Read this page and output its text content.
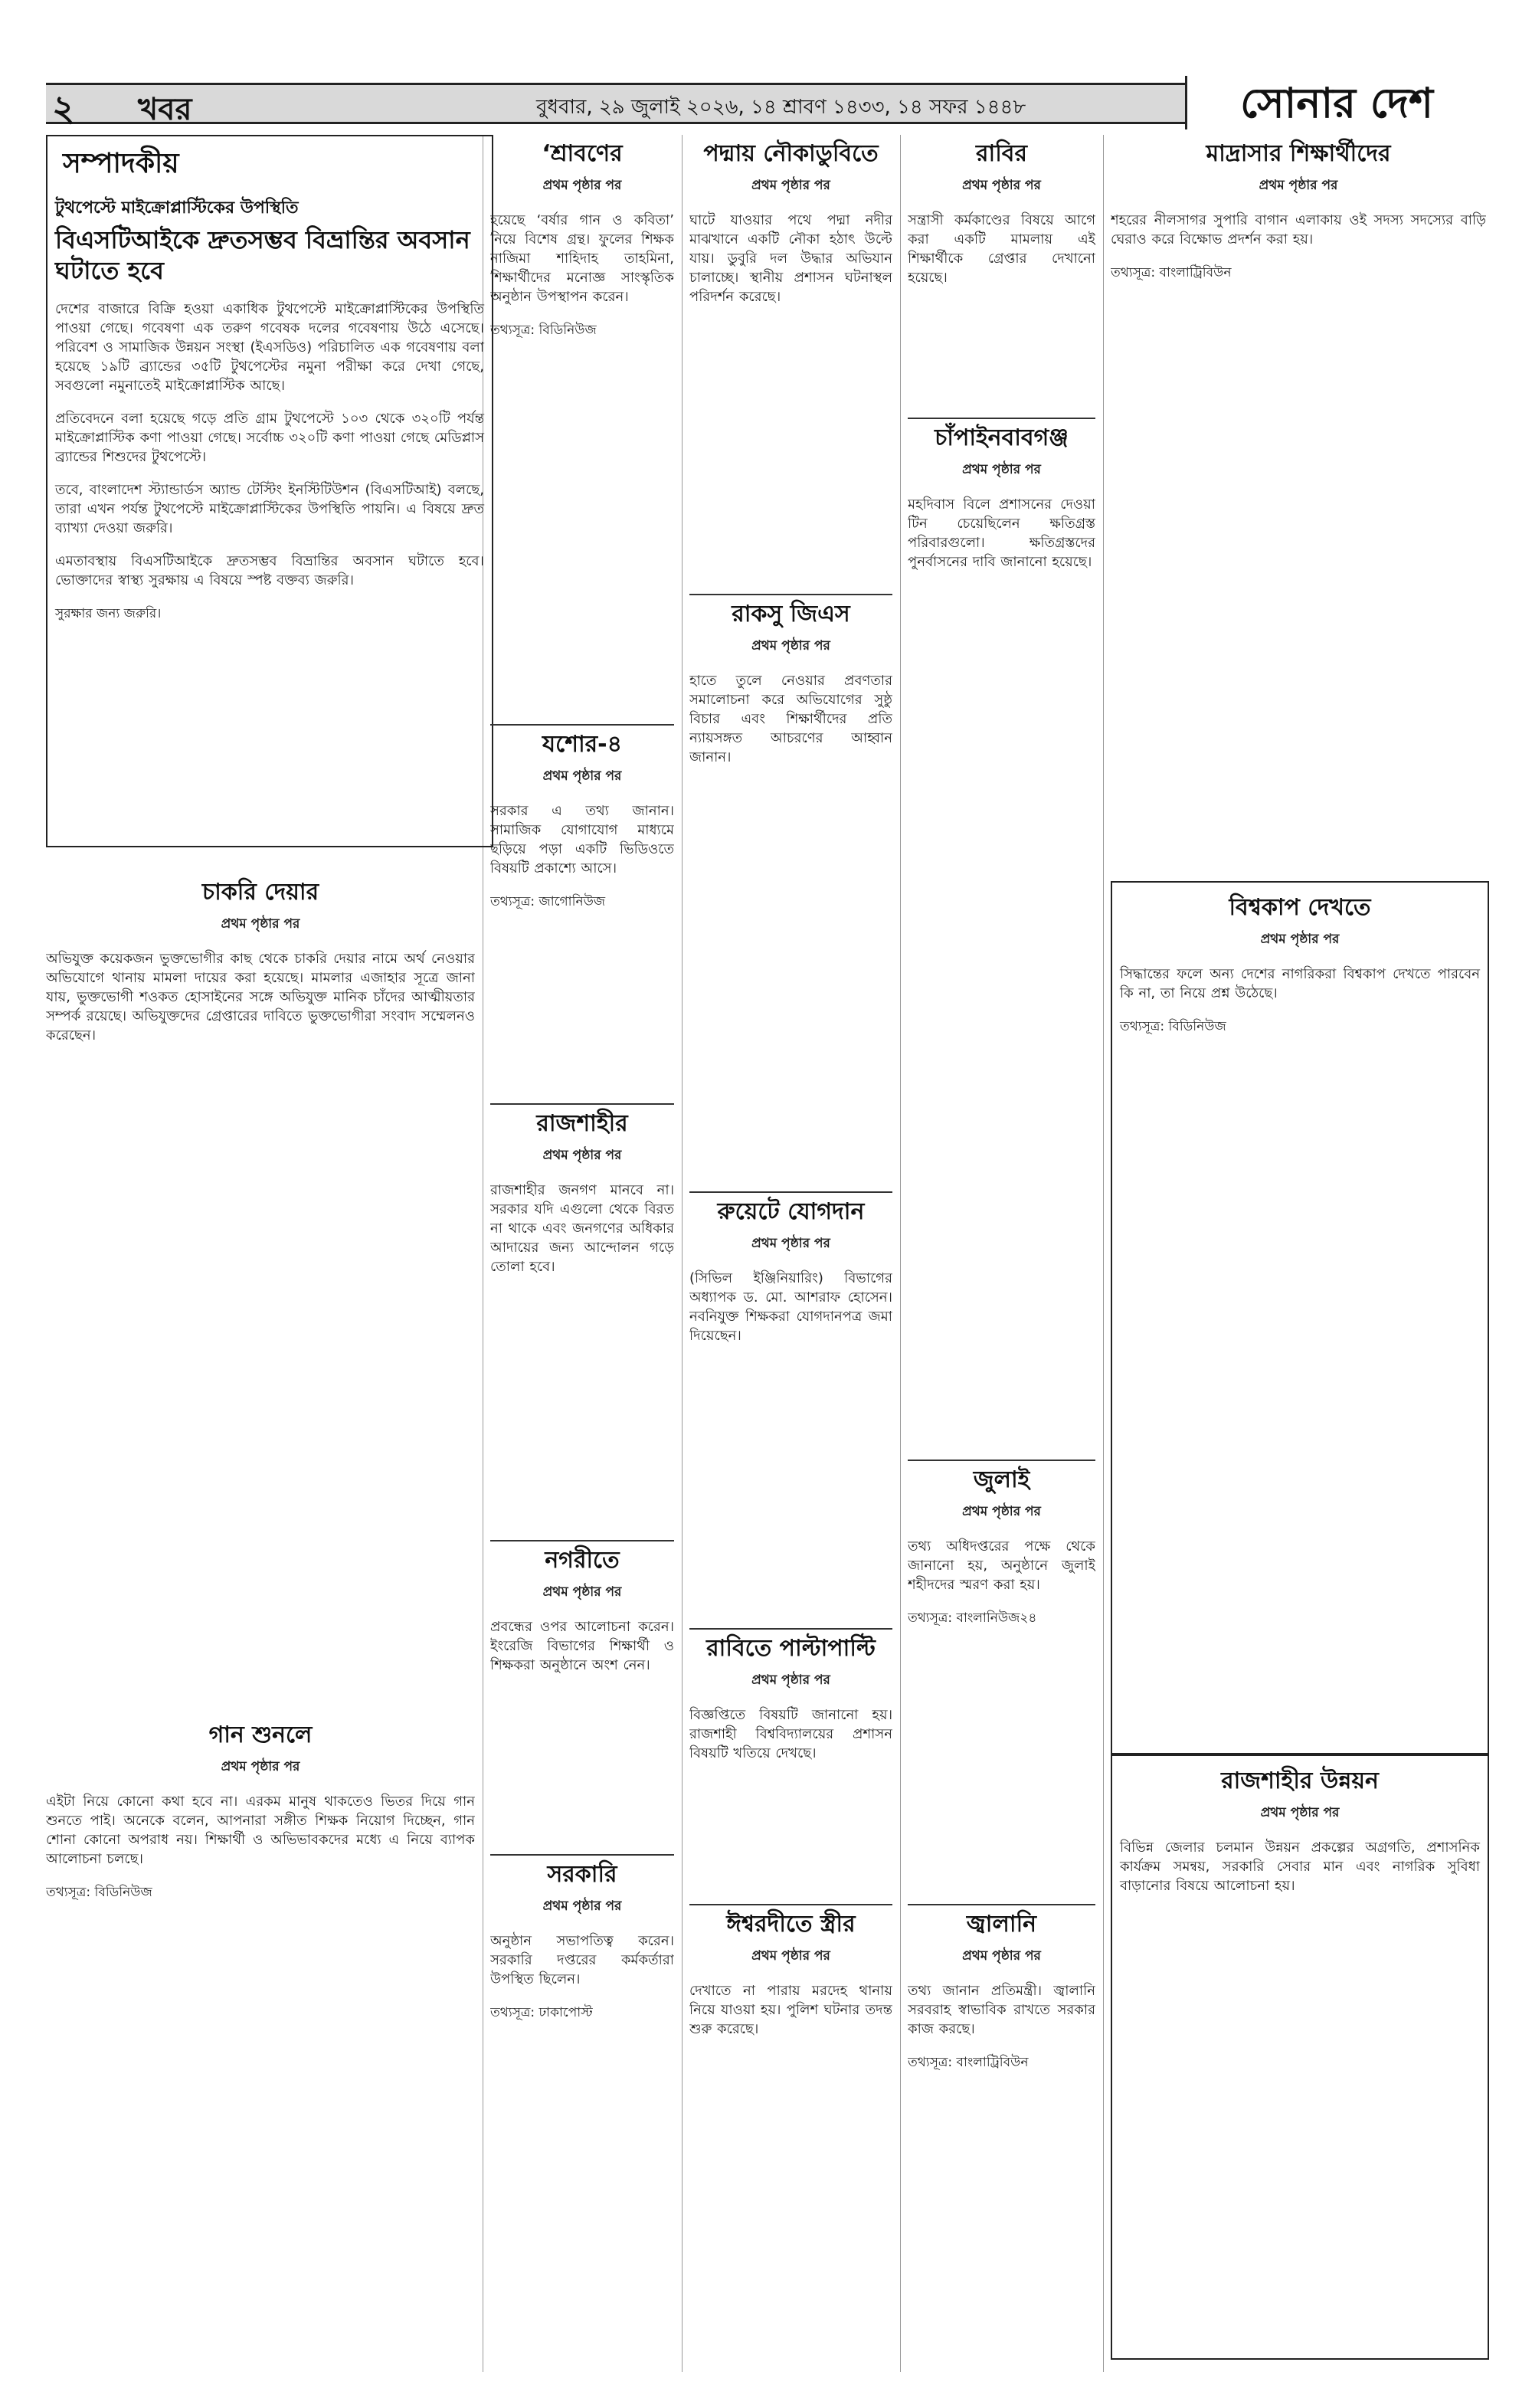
২ খবর	বুধবার, ২৯ জুলাই ২০২৬, ১৪ শ্রাবণ ১৪৩৩, ১৪ সফর ১৪৪৮	সোনার দেশ
সম্পাদকীয়
টুথপেস্টে মাইক্রোপ্লাস্টিকের উপস্থিতি
বিএসটিআইকে দ্রুতসম্ভব বিভ্রান্তির অবসান ঘটাতে হবে

দেশের বাজারে বিক্রি হওয়া একাধিক টুথপেস্টে মাইক্রোপ্লাস্টিকের উপস্থিতি পাওয়া গেছে। গবেষণা এক তরুণ গবেষক দলের গবেষণায় উঠে এসেছে। পরিবেশ ও সামাজিক উন্নয়ন সংস্থা (ইএসডিও) পরিচালিত এক গবেষণায় বলা হয়েছে ১৯টি ব্র্যান্ডের ৩৫টি টুথপেস্টের নমুনা পরীক্ষা করে দেখা গেছে, সবগুলো নমুনাতেই মাইক্রোপ্লাস্টিক আছে।

প্রতিবেদনে বলা হয়েছে গড়ে প্রতি গ্রাম টুথপেস্টে ১০৩ থেকে ৩২০টি পর্যন্ত মাইক্রোপ্লাস্টিক কণা পাওয়া গেছে। সর্বোচ্চ ৩২০টি কণা পাওয়া গেছে মেডিপ্লাস ব্র্যান্ডের শিশুদের টুথপেস্টে।

তবে, বাংলাদেশ স্ট্যান্ডার্ডস অ্যান্ড টেস্টিং ইনস্টিটিউশন (বিএসটিআই) বলছে, তারা এখন পর্যন্ত টুথপেস্টে মাইক্রোপ্লাস্টিকের উপস্থিতি পায়নি। এ বিষয়ে দ্রুত ব্যাখ্যা দেওয়া জরুরি।

এমতাবস্থায় বিএসটিআইকে দ্রুতসম্ভব বিভ্রান্তির অবসান ঘটাতে হবে। ভোক্তাদের স্বাস্থ্য সুরক্ষায় এ বিষয়ে স্পষ্ট বক্তব্য জরুরি।

সুরক্ষার জন্য জরুরি।
চাকরি দেয়ার
প্রথম পৃষ্ঠার পর

অভিযুক্ত কয়েকজন ভুক্তভোগীর কাছ থেকে চাকরি দেয়ার নামে অর্থ নেওয়ার অভিযোগে থানায় মামলা দায়ের করা হয়েছে। মামলার এজাহার সূত্রে জানা যায়, ভুক্তভোগী শওকত হোসাইনের সঙ্গে অভিযুক্ত মানিক চাঁদের আত্মীয়তার সম্পর্ক রয়েছে। অভিযুক্তদের গ্রেপ্তারের দাবিতে ভুক্তভোগীরা সংবাদ সম্মেলনও করেছেন।

গান শুনলে
প্রথম পৃষ্ঠার পর

এইটা নিয়ে কোনো কথা হবে না। এরকম মানুষ থাকতেও ভিতর দিয়ে গান শুনতে পাই। অনেকে বলেন, আপনারা সঙ্গীত শিক্ষক নিয়োগ দিচ্ছেন, গান শোনা কোনো অপরাধ নয়। শিক্ষার্থী ও অভিভাবকদের মধ্যে এ নিয়ে ব্যাপক আলোচনা চলছে।

তথ্যসূত্র: বিডিনিউজ
‘শ্রাবণের
প্রথম পৃষ্ঠার পর

হয়েছে ‘বর্ষার গান ও কবিতা’ নিয়ে বিশেষ গ্রন্থ। ফুলের শিক্ষক নাজিমা শাহিদাহ তাহমিনা, শিক্ষার্থীদের মনোজ্ঞ সাংস্কৃতিক অনুষ্ঠান উপস্থাপন করেন।

তথ্যসূত্র: বিডিনিউজ
যশোর-৪
প্রথম পৃষ্ঠার পর

সরকার এ তথ্য জানান। সামাজিক যোগাযোগ মাধ্যমে ছড়িয়ে পড়া একটি ভিডিওতে বিষয়টি প্রকাশ্যে আসে।

তথ্যসূত্র: জাগোনিউজ
রাজশাহীর
প্রথম পৃষ্ঠার পর

রাজশাহীর জনগণ মানবে না। সরকার যদি এগুলো থেকে বিরত না থাকে এবং জনগণের অধিকার আদায়ের জন্য আন্দোলন গড়ে তোলা হবে।

নগরীতে
প্রথম পৃষ্ঠার পর

প্রবন্ধের ওপর আলোচনা করেন। ইংরেজি বিভাগের শিক্ষার্থী ও শিক্ষকরা অনুষ্ঠানে অংশ নেন।

সরকারি
প্রথম পৃষ্ঠার পর

অনুষ্ঠান সভাপতিত্ব করেন। সরকারি দপ্তরের কর্মকর্তারা উপস্থিত ছিলেন।

তথ্যসূত্র: ঢাকাপোস্ট
পদ্মায় নৌকাডুবিতে
প্রথম পৃষ্ঠার পর

ঘাটে যাওয়ার পথে পদ্মা নদীর মাঝখানে একটি নৌকা হঠাৎ উল্টে যায়। ডুবুরি দল উদ্ধার অভিযান চালাচ্ছে। স্থানীয় প্রশাসন ঘটনাস্থল পরিদর্শন করেছে।

রাকসু জিএস
প্রথম পৃষ্ঠার পর

হাতে তুলে নেওয়ার প্রবণতার সমালোচনা করে অভিযোগের সুষ্ঠু বিচার এবং শিক্ষার্থীদের প্রতি ন্যায়সঙ্গত আচরণের আহ্বান জানান।

রুয়েটে যোগদান
প্রথম পৃষ্ঠার পর

(সিভিল ইঞ্জিনিয়ারিং) বিভাগের অধ্যাপক ড. মো. আশরাফ হোসেন। নবনিযুক্ত শিক্ষকরা যোগদানপত্র জমা দিয়েছেন।

রাবিতে পাল্টাপাল্টি
প্রথম পৃষ্ঠার পর

বিজ্ঞপ্তিতে বিষয়টি জানানো হয়। রাজশাহী বিশ্ববিদ্যালয়ের প্রশাসন বিষয়টি খতিয়ে দেখছে।

ঈশ্বরদীতে স্ত্রীর
প্রথম পৃষ্ঠার পর

দেখাতে না পারায় মরদেহ থানায় নিয়ে যাওয়া হয়। পুলিশ ঘটনার তদন্ত শুরু করেছে।

রাবির
প্রথম পৃষ্ঠার পর

সন্ত্রাসী কর্মকাণ্ডের বিষয়ে আগে করা একটি মামলায় এই শিক্ষার্থীকে গ্রেপ্তার দেখানো হয়েছে।

চাঁপাইনবাবগঞ্জ
প্রথম পৃষ্ঠার পর

মহদিবাস বিলে প্রশাসনের দেওয়া টিন চেয়েছিলেন ক্ষতিগ্রস্ত পরিবারগুলো। ক্ষতিগ্রস্তদের পুনর্বাসনের দাবি জানানো হয়েছে।

জুলাই
প্রথম পৃষ্ঠার পর

তথ্য অধিদপ্তরের পক্ষে থেকে জানানো হয়, অনুষ্ঠানে জুলাই শহীদদের স্মরণ করা হয়।

তথ্যসূত্র: বাংলানিউজ২৪
জ্বালানি
প্রথম পৃষ্ঠার পর

তথ্য জানান প্রতিমন্ত্রী। জ্বালানি সরবরাহ স্বাভাবিক রাখতে সরকার কাজ করছে।

তথ্যসূত্র: বাংলাট্রিবিউন
মাদ্রাসার শিক্ষার্থীদের
প্রথম পৃষ্ঠার পর

শহরের নীলসাগর সুপারি বাগান এলাকায় ওই সদস্য সদস্যের বাড়ি ঘেরাও করে বিক্ষোভ প্রদর্শন করা হয়।

তথ্যসূত্র: বাংলাট্রিবিউন
বিশ্বকাপ দেখতে
প্রথম পৃষ্ঠার পর

সিদ্ধান্তের ফলে অন্য দেশের নাগরিকরা বিশ্বকাপ দেখতে পারবেন কি না, তা নিয়ে প্রশ্ন উঠেছে।

তথ্যসূত্র: বিডিনিউজ
রাজশাহীর উন্নয়ন
প্রথম পৃষ্ঠার পর

বিভিন্ন জেলার চলমান উন্নয়ন প্রকল্পের অগ্রগতি, প্রশাসনিক কার্যক্রম সমন্বয়, সরকারি সেবার মান এবং নাগরিক সুবিধা বাড়ানোর বিষয়ে আলোচনা হয়।
